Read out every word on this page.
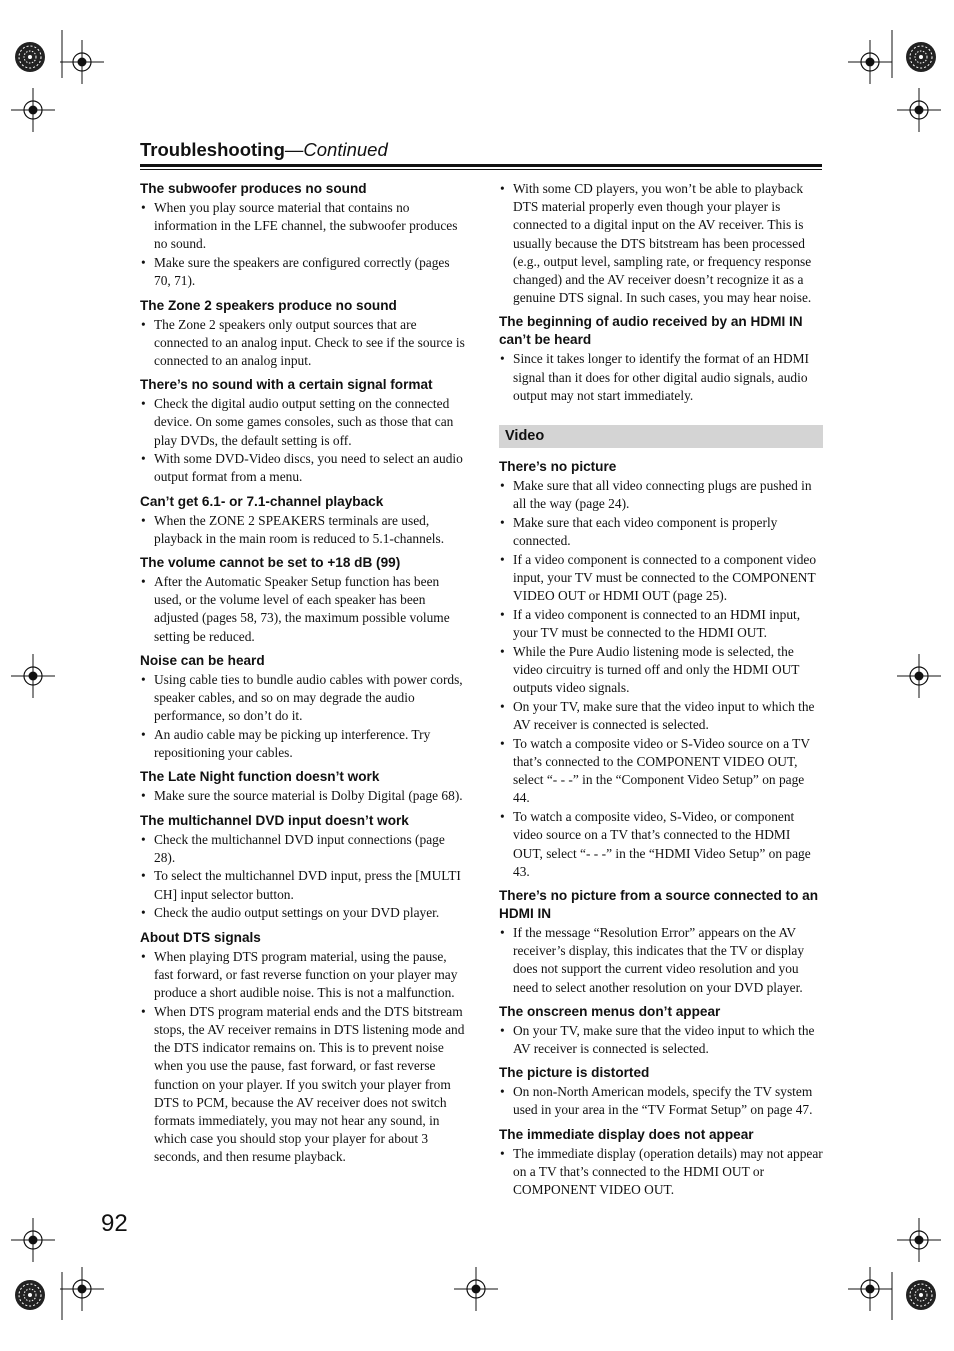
Troubleshooting—Continued
The subwoofer produces no sound
• When you play source material that contains no information in the LFE channel, the subwoofer produces no sound.
• Make sure the speakers are configured correctly (pages 70, 71).
The Zone 2 speakers produce no sound
• The Zone 2 speakers only output sources that are connected to an analog input. Check to see if the source is connected to an analog input.
There’s no sound with a certain signal format
• Check the digital audio output setting on the connected device. On some games consoles, such as those that can play DVDs, the default setting is off.
• With some DVD-Video discs, you need to select an audio output format from a menu.
Can’t get 6.1- or 7.1-channel playback
• When the ZONE 2 SPEAKERS terminals are used, playback in the main room is reduced to 5.1-channels.
The volume cannot be set to +18 dB (99)
• After the Automatic Speaker Setup function has been used, or the volume level of each speaker has been adjusted (pages 58, 73), the maximum possible volume setting be reduced.
Noise can be heard
• Using cable ties to bundle audio cables with power cords, speaker cables, and so on may degrade the audio performance, so don’t do it.
• An audio cable may be picking up interference. Try repositioning your cables.
The Late Night function doesn’t work
• Make sure the source material is Dolby Digital (page 68).
The multichannel DVD input doesn’t work
• Check the multichannel DVD input connections (page 28).
• To select the multichannel DVD input, press the [MULTI CH] input selector button.
• Check the audio output settings on your DVD player.
About DTS signals
• When playing DTS program material, using the pause, fast forward, or fast reverse function on your player may produce a short audible noise. This is not a malfunction.
• When DTS program material ends and the DTS bitstream stops, the AV receiver remains in DTS listening mode and the DTS indicator remains on. This is to prevent noise when you use the pause, fast forward, or fast reverse function on your player. If you switch your player from DTS to PCM, because the AV receiver does not switch formats immediately, you may not hear any sound, in which case you should stop your player for about 3 seconds, and then resume playback.
• With some CD players, you won’t be able to playback DTS material properly even though your player is connected to a digital input on the AV receiver. This is usually because the DTS bitstream has been processed (e.g., output level, sampling rate, or frequency response changed) and the AV receiver doesn’t recognize it as a genuine DTS signal. In such cases, you may hear noise.
The beginning of audio received by an HDMI IN can’t be heard
• Since it takes longer to identify the format of an HDMI signal than it does for other digital audio signals, audio output may not start immediately.
Video
There’s no picture
• Make sure that all video connecting plugs are pushed in all the way (page 24).
• Make sure that each video component is properly connected.
• If a video component is connected to a component video input, your TV must be connected to the COMPONENT VIDEO OUT or HDMI OUT (page 25).
• If a video component is connected to an HDMI input, your TV must be connected to the HDMI OUT.
• While the Pure Audio listening mode is selected, the video circuitry is turned off and only the HDMI OUT outputs video signals.
• On your TV, make sure that the video input to which the AV receiver is connected is selected.
• To watch a composite video or S-Video source on a TV that’s connected to the COMPONENT VIDEO OUT, select “- - -” in the “Component Video Setup” on page 44.
• To watch a composite video, S-Video, or component video source on a TV that’s connected to the HDMI OUT, select “- - -” in the “HDMI Video Setup” on page 43.
There’s no picture from a source connected to an HDMI IN
• If the message “Resolution Error” appears on the AV receiver’s display, this indicates that the TV or display does not support the current video resolution and you need to select another resolution on your DVD player.
The onscreen menus don’t appear
• On your TV, make sure that the video input to which the AV receiver is connected is selected.
The picture is distorted
• On non-North American models, specify the TV system used in your area in the “TV Format Setup” on page 47.
The immediate display does not appear
• The immediate display (operation details) may not appear on a TV that’s connected to the HDMI OUT or COMPONENT VIDEO OUT.
92
